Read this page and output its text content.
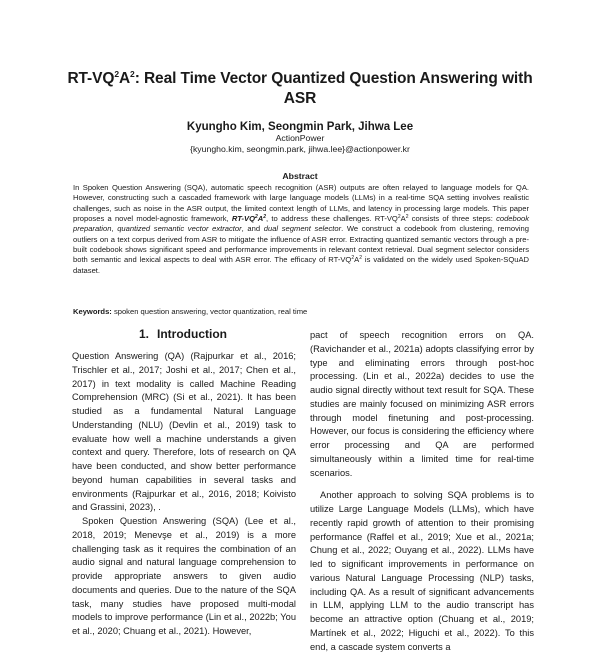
$RT-VQ^2A^2$: Real Time Vector Quantized Question Answering with
ASR
Kyungho Kim, Seongmin Park, Jihwa Lee
ActionPower
{kyungho.kim, seongmin.park, jihwa.lee}@actionpower.kr
Abstract
In Spoken Question Answering (SQA), automatic speech recognition (ASR) outputs are often relayed to language models for QA. However, constructing such a cascaded framework with large language models (LLMs) in a real-time SQA setting involves realistic challenges, such as noise in the ASR output, the limited context length of LLMs, and latency in processing large models. This paper proposes a novel model-agnostic framework, $RT-VQ^2A^2$, to address these challenges. $RT-VQ^2A^2$ consists of three steps: codebook preparation, quantized semantic vector extractor, and dual segment selector. We construct a codebook from clustering, removing outliers on a text corpus derived from ASR to mitigate the influence of ASR error. Extracting quantized semantic vectors through a pre-built codebook shows significant speed and performance improvements in relevant context retrieval. Dual segment selector considers both semantic and lexical aspects to deal with ASR error. The efficacy of $RT-VQ^2A^2$ is validated on the widely used Spoken-SQuAD dataset.
Keywords: spoken question answering, vector quantization, real time
1. Introduction

Question Answering (QA) (Rajpurkar et al., 2016; Trischler et al., 2017; Joshi et al., 2017; Chen et al., 2017) in text modality is called Machine Reading Comprehension (MRC) (Si et al., 2021). It has been studied as a fundamental Natural Language Understanding (NLU) (Devlin et al., 2019) task to evaluate how well a machine understands a given context and query. Therefore, lots of research on QA have been conducted, and show better performance beyond human capabilities in several tasks and environments (Rajpurkar et al., 2016, 2018; Koivisto and Grassini, 2023), .

Spoken Question Answering (SQA) (Lee et al., 2018, 2019; Menevşe et al., 2019) is a more challenging task as it requires the combination of an audio signal and natural language comprehension to provide appropriate answers to given audio documents and queries. Due to the nature of the SQA task, many studies have proposed multi-modal models to improve performance (Lin et al., 2022b; You et al., 2020; Chuang et al., 2021). However,

pact of speech recognition errors on QA. (Ravichander et al., 2021a) adopts classifying error by type and eliminating errors through post-hoc processing. (Lin et al., 2022a) decides to use the audio signal directly without text result for SQA. These studies are mainly focused on minimizing ASR errors through model finetuning and post-processing. However, our focus is considering the efficiency where error processing and QA are performed simultaneously within a limited time for real-time scenarios.

Another approach to solving SQA problems is to utilize Large Language Models (LLMs), which have recently rapid growth of attention to their promising performance (Raffel et al., 2019; Xue et al., 2021a; Chung et al., 2022; Ouyang et al., 2022). LLMs have led to significant improvements in performance on various Natural Language Processing (NLP) tasks, including QA. As a result of significant advancements in LLM, applying LLM to the audio transcript has become an attractive option (Chuang et al., 2019; Martínek et al., 2022; Higuchi et al., 2022). To this end, a cascade system converts a
